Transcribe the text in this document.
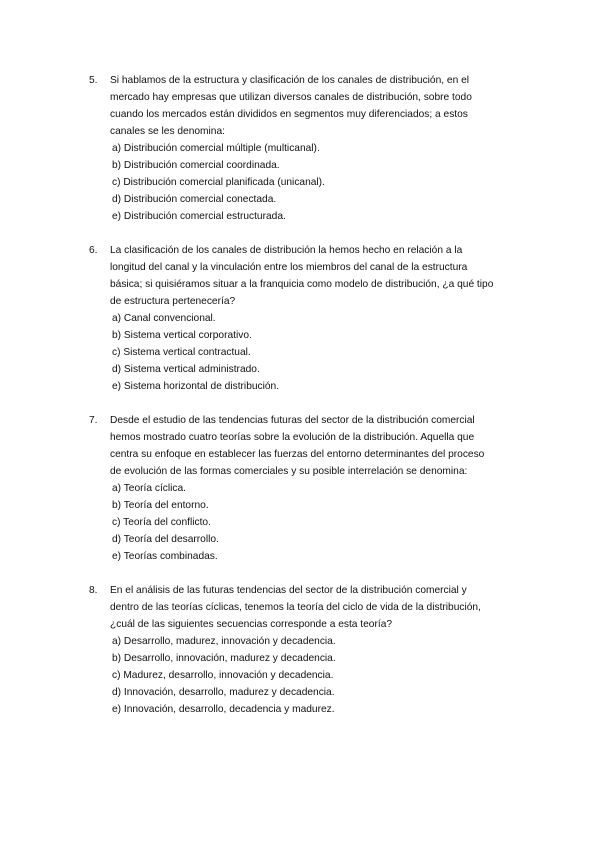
5. Si hablamos de la estructura y clasificación de los canales de distribución, en el
mercado hay empresas que utilizan diversos canales de distribución, sobre todo
cuando los mercados están divididos en segmentos muy diferenciados; a estos
canales se les denomina:
a) Distribución comercial múltiple (multicanal).
b) Distribución comercial coordinada.
c) Distribución comercial planificada (unicanal).
d) Distribución comercial conectada.
e) Distribución comercial estructurada.
6. La clasificación de los canales de distribución la hemos hecho en relación a la
longitud del canal y la vinculación entre los miembros del canal de la estructura
básica; si quisiéramos situar a la franquicia como modelo de distribución, ¿a qué tipo
de estructura pertenecería?
a) Canal convencional.
b) Sistema vertical corporativo.
c) Sistema vertical contractual.
d) Sistema vertical administrado.
e) Sistema horizontal de distribución.
7. Desde el estudio de las tendencias futuras del sector de la distribución comercial
hemos mostrado cuatro teorías sobre la evolución de la distribución. Aquella que
centra su enfoque en establecer las fuerzas del entorno determinantes del proceso
de evolución de las formas comerciales y su posible interrelación se denomina:
a) Teoría cíclica.
b) Teoría del entorno.
c) Teoría del conflicto.
d) Teoría del desarrollo.
e) Teorías combinadas.
8. En el análisis de las futuras tendencias del sector de la distribución comercial y
dentro de las teorías cíclicas, tenemos la teoría del ciclo de vida de la distribución,
¿cuál de las siguientes secuencias corresponde a esta teoría?
a) Desarrollo, madurez, innovación y decadencia.
b) Desarrollo, innovación, madurez y decadencia.
c) Madurez, desarrollo, innovación y decadencia.
d) Innovación, desarrollo, madurez y decadencia.
e) Innovación, desarrollo, decadencia y madurez.
